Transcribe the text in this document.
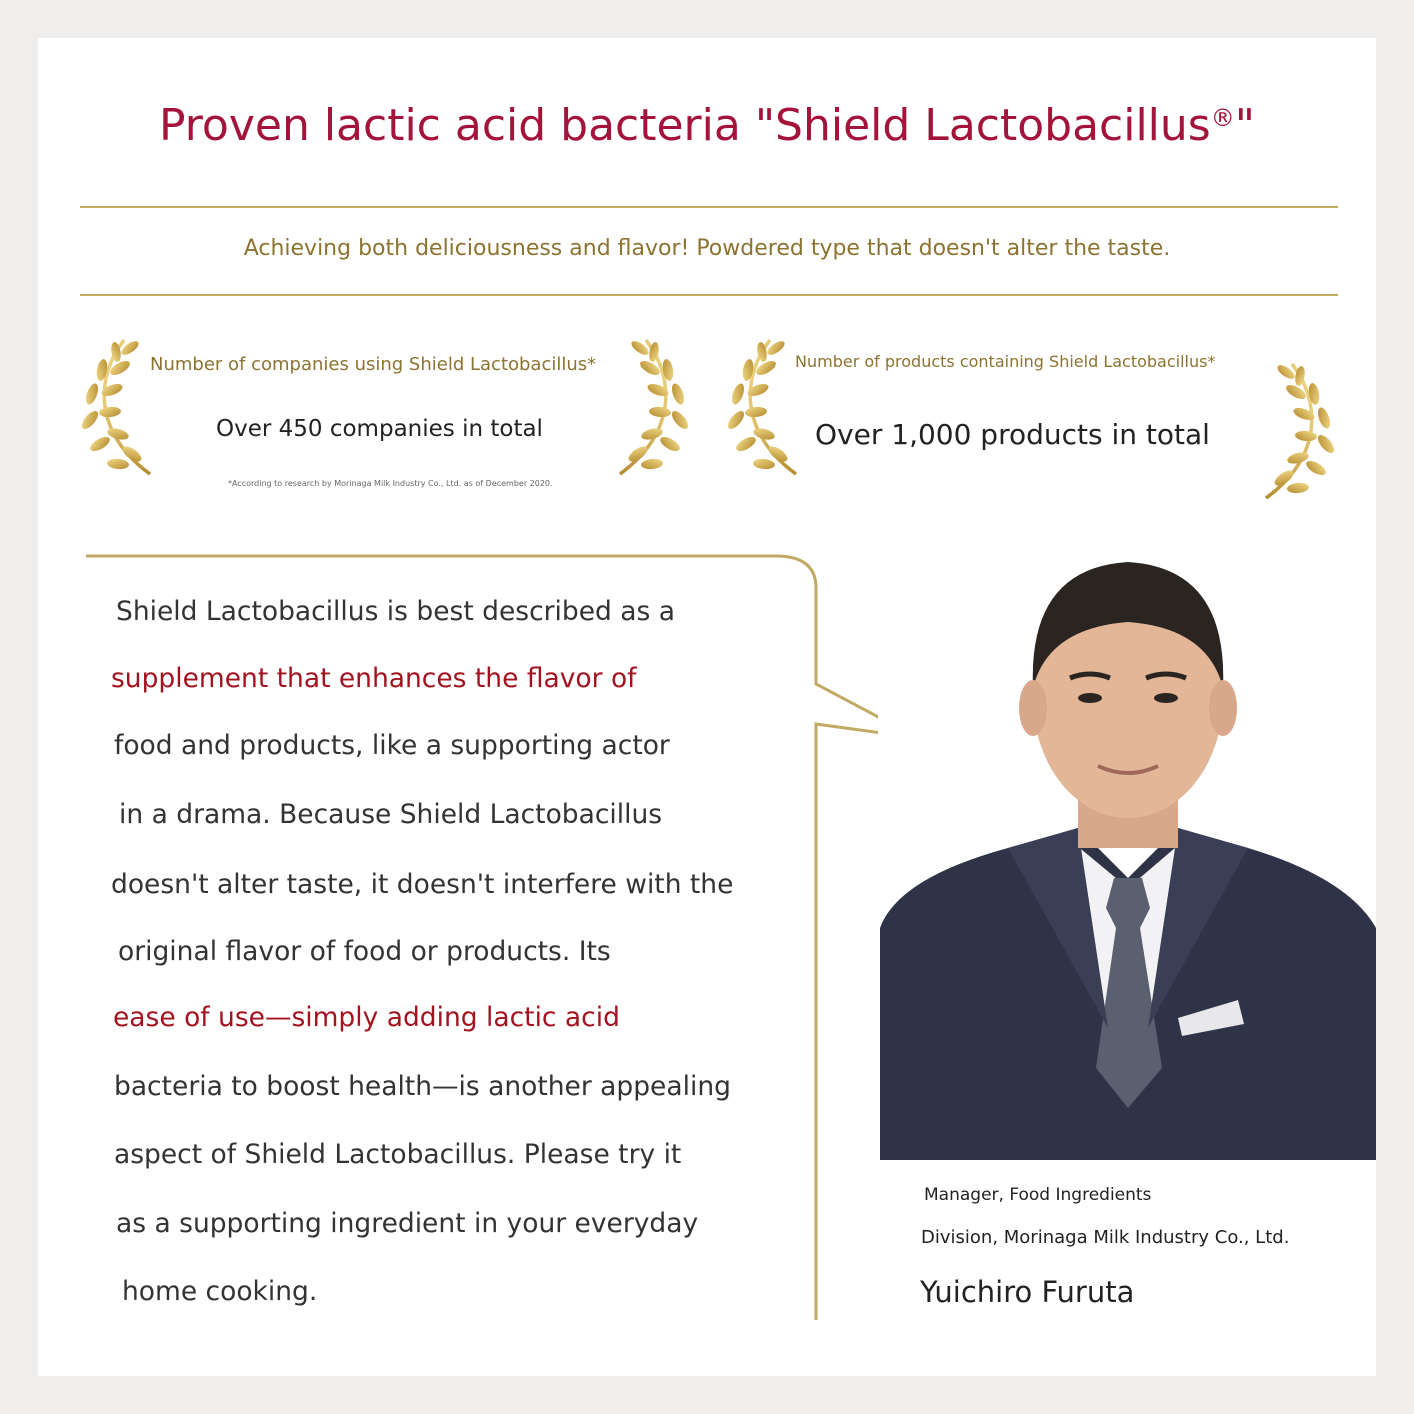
Proven lactic acid bacteria "Shield Lactobacillus®"
Achieving both deliciousness and flavor! Powdered type that doesn't alter the taste.
Number of companies using Shield Lactobacillus*
Over 450 companies in total
*According to research by Morinaga Milk Industry Co., Ltd. as of December 2020.
Number of products containing Shield Lactobacillus*
Over 1,000 products in total
Shield Lactobacillus is best described as a
supplement that enhances the flavor of
food and products, like a supporting actor
in a drama. Because Shield Lactobacillus
doesn't alter taste, it doesn't interfere with the
original flavor of food or products. Its
ease of use—simply adding lactic acid
bacteria to boost health—is another appealing
aspect of Shield Lactobacillus. Please try it
as a supporting ingredient in your everyday
home cooking.
Manager, Food Ingredients
Division, Morinaga Milk Industry Co., Ltd.
Yuichiro Furuta
